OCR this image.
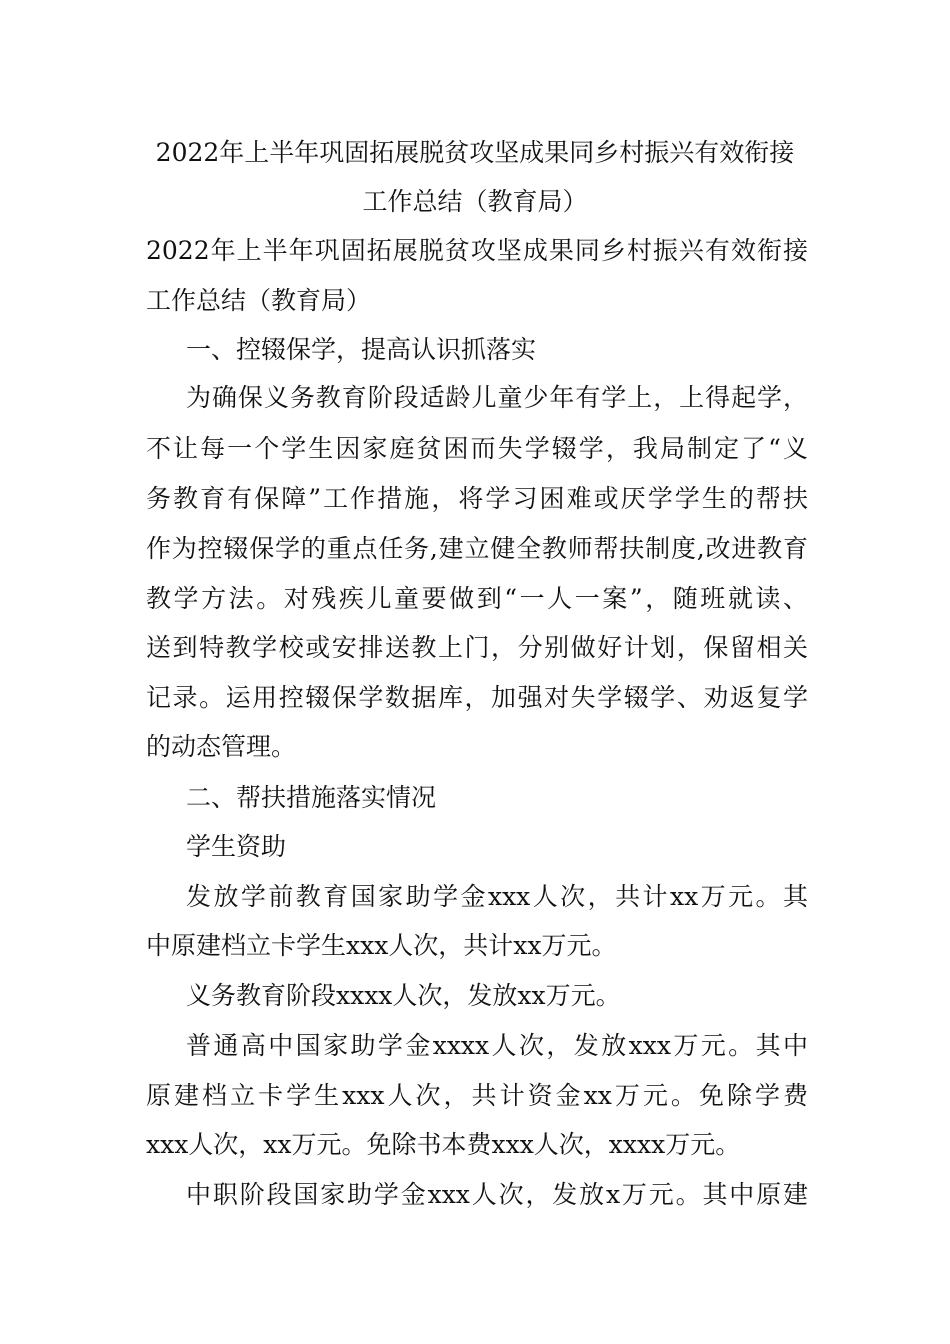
2022年上半年巩固拓展脱贫攻坚成果同乡村振兴有效衔接
工作总结（教育局）
2022年上半年巩固拓展脱贫攻坚成果同乡村振兴有效衔接
工作总结（教育局）
一、控辍保学，提高认识抓落实
为确保义务教育阶段适龄儿童少年有学上，上得起学，
不让每一个学生因家庭贫困而失学辍学，我局制定了“义
务教育有保障”工作措施，将学习困难或厌学学生的帮扶
作为控辍保学的重点任务,建立健全教师帮扶制度,改进教育
教学方法。对残疾儿童要做到“一人一案”，随班就读、
送到特教学校或安排送教上门，分别做好计划，保留相关
记录。运用控辍保学数据库，加强对失学辍学、劝返复学
的动态管理。
二、帮扶措施落实情况
学生资助
发放学前教育国家助学金xxx人次，共计xx万元。其
中原建档立卡学生xxx人次，共计xx万元。
义务教育阶段xxxx人次，发放xx万元。
普通高中国家助学金xxxx人次，发放xxx万元。其中
原建档立卡学生xxx人次，共计资金xx万元。免除学费
xxx人次，xx万元。免除书本费xxx人次，xxxx万元。
中职阶段国家助学金xxx人次，发放x万元。其中原建
